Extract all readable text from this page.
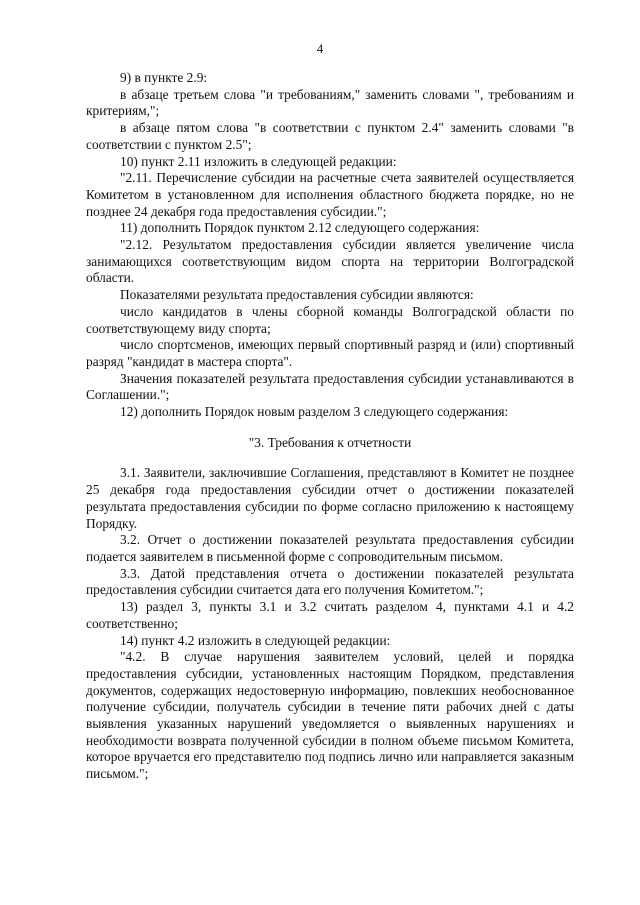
4

9) в пункте 2.9:

в абзаце третьем слова "и требованиям," заменить словами ", требованиям и критериям,";

в абзаце пятом слова "в соответствии с пунктом 2.4" заменить словами "в соответствии с пунктом 2.5";

10) пункт 2.11 изложить в следующей редакции:

"2.11. Перечисление субсидии на расчетные счета заявителей осуществляется Комитетом в установленном для исполнения областного бюджета порядке, но не позднее 24 декабря года предоставления субсидии.";

11) дополнить Порядок пунктом 2.12 следующего содержания:

"2.12. Результатом предоставления субсидии является увеличение числа занимающихся соответствующим видом спорта на территории Волгоградской области.

Показателями результата предоставления субсидии являются:

число кандидатов в члены сборной команды Волгоградской области по соответствующему виду спорта;

число спортсменов, имеющих первый спортивный разряд и (или) спортивный разряд "кандидат в мастера спорта".

Значения показателей результата предоставления субсидии устанавливаются в Соглашении.";

12) дополнить Порядок новым разделом 3 следующего содержания:

"3. Требования к отчетности

3.1. Заявители, заключившие Соглашения, представляют в Комитет не позднее 25 декабря года предоставления субсидии отчет о достижении показателей результата предоставления субсидии по форме согласно приложению к настоящему Порядку.

3.2. Отчет о достижении показателей результата предоставления субсидии подается заявителем в письменной форме с сопроводительным письмом.

3.3. Датой представления отчета о достижении показателей результата предоставления субсидии считается дата его получения Комитетом.";

13) раздел 3, пункты 3.1 и 3.2 считать разделом 4, пунктами 4.1 и 4.2 соответственно;

14) пункт 4.2 изложить в следующей редакции:

"4.2. В случае нарушения заявителем условий, целей и порядка предоставления субсидии, установленных настоящим Порядком, представления документов, содержащих недостоверную информацию, повлекших необоснованное получение субсидии, получатель субсидии в течение пяти рабочих дней с даты выявления указанных нарушений уведомляется о выявленных нарушениях и необходимости возврата полученной субсидии в полном объеме письмом Комитета, которое вручается его представителю под подпись лично или направляется заказным письмом.";
